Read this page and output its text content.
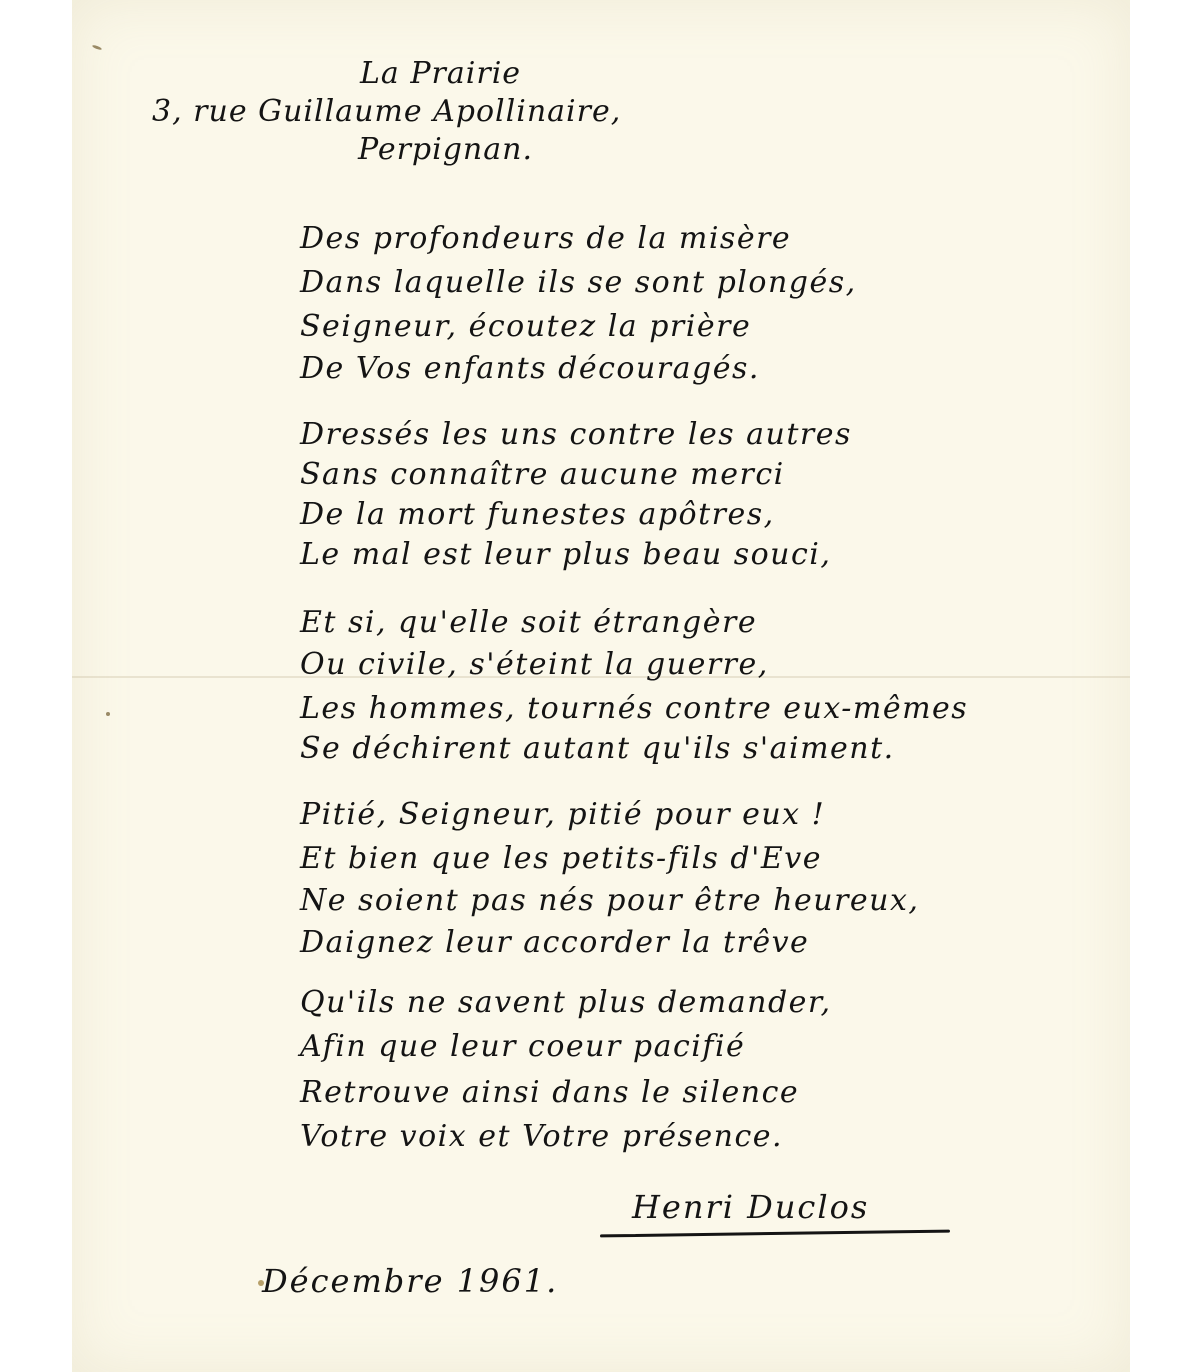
La Prairie
3, rue Guillaume Apollinaire,
Perpignan.
Des profondeurs de la misère
Dans laquelle ils se sont plongés,
Seigneur, écoutez la prière
De Vos enfants découragés.
Dressés les uns contre les autres
Sans connaître aucune merci
De la mort funestes apôtres,
Le mal est leur plus beau souci,
Et si, qu'elle soit étrangère
Ou civile, s'éteint la guerre,
Les hommes, tournés contre eux-mêmes
Se déchirent autant qu'ils s'aiment.
Pitié, Seigneur, pitié pour eux !
Et bien que les petits-fils d'Eve
Ne soient pas nés pour être heureux,
Daignez leur accorder la trêve
Qu'ils ne savent plus demander,
Afin que leur coeur pacifié
Retrouve ainsi dans le silence
Votre voix et Votre présence.
Henri Duclos
Décembre 1961.
